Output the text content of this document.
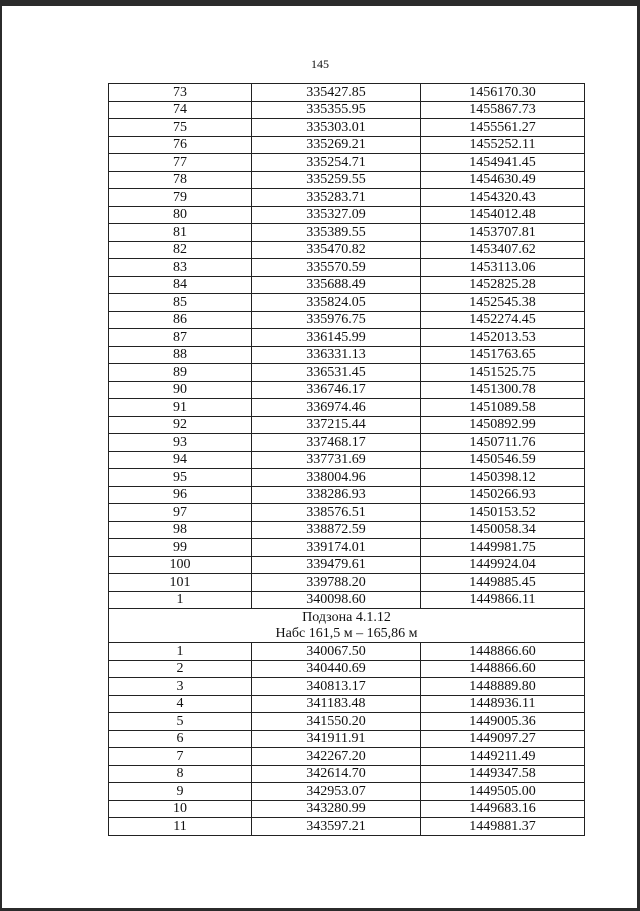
145
73	335427.85	1456170.30
74	335355.95	1455867.73
75	335303.01	1455561.27
76	335269.21	1455252.11
77	335254.71	1454941.45
78	335259.55	1454630.49
79	335283.71	1454320.43
80	335327.09	1454012.48
81	335389.55	1453707.81
82	335470.82	1453407.62
83	335570.59	1453113.06
84	335688.49	1452825.28
85	335824.05	1452545.38
86	335976.75	1452274.45
87	336145.99	1452013.53
88	336331.13	1451763.65
89	336531.45	1451525.75
90	336746.17	1451300.78
91	336974.46	1451089.58
92	337215.44	1450892.99
93	337468.17	1450711.76
94	337731.69	1450546.59
95	338004.96	1450398.12
96	338286.93	1450266.93
97	338576.51	1450153.52
98	338872.59	1450058.34
99	339174.01	1449981.75
100	339479.61	1449924.04
101	339788.20	1449885.45
1	340098.60	1449866.11

Подзона 4.1.12
Набс 161,5 м – 165,86 м		

1	340067.50	1448866.60
2	340440.69	1448866.60
3	340813.17	1448889.80
4	341183.48	1448936.11
5	341550.20	1449005.36
6	341911.91	1449097.27
7	342267.20	1449211.49
8	342614.70	1449347.58
9	342953.07	1449505.00
10	343280.99	1449683.16
11	343597.21	1449881.37
